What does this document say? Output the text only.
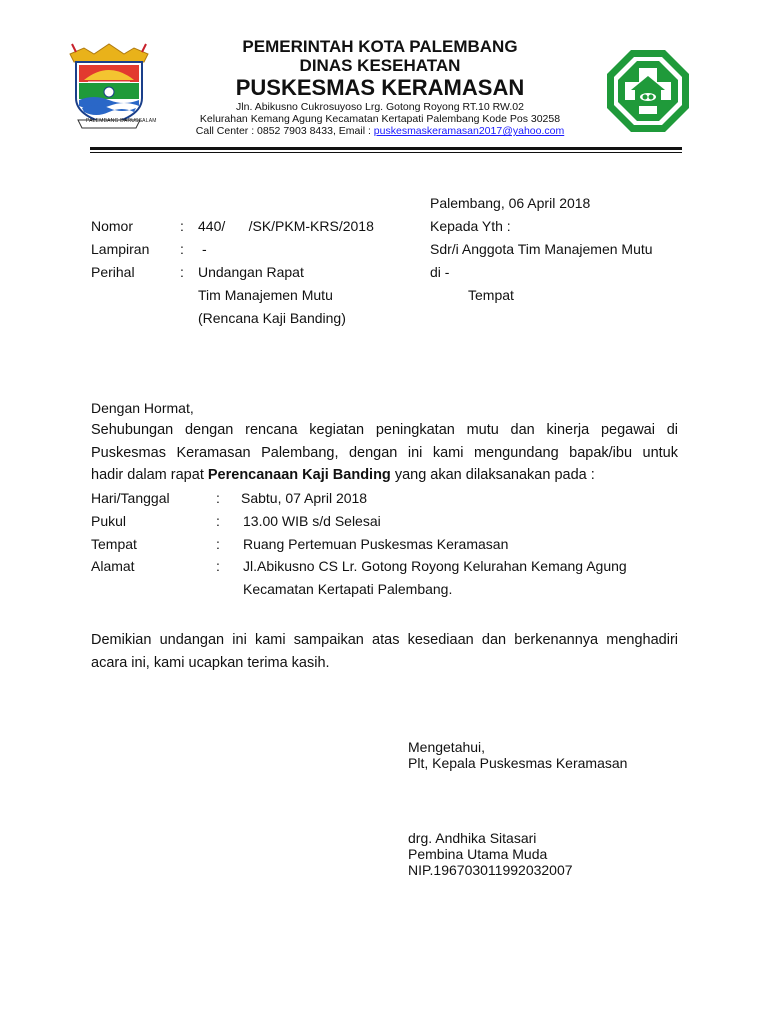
PALEMBANG DARUSSALAM
PEMERINTAH KOTA PALEMBANG
DINAS KESEHATAN
PUSKESMAS KERAMASAN
Jln. Abikusno Cukrosuyoso Lrg. Gotong Royong RT.10 RW.02
Kelurahan Kemang Agung Kecamatan Kertapati Palembang Kode Pos 30258
Call Center : 0852 7903 8433, Email : puskesmaskeramasan2017@yahoo.com
Palembang, 06 April 2018
Nomor	: 440/      /SK/PKM-KRS/2018
Lampiran : -
Perihal	: Undangan Rapat
Tim Manajemen Mutu
(Rencana Kaji Banding)
Kepada Yth :
Sdr/i Anggota Tim Manajemen Mutu
di -
Tempat
Dengan Hormat,
Sehubungan dengan rencana kegiatan peningkatan mutu dan kinerja pegawai di
Puskesmas Keramasan Palembang, dengan ini kami mengundang bapak/ibu untuk
hadir dalam rapat Perencanaan Kaji Banding yang akan dilaksanakan pada :
Hari/Tanggal	: Sabtu, 07 April 2018
Pukul	: 13.00 WIB s/d Selesai
Tempat	: Ruang Pertemuan Puskesmas Keramasan
Alamat	: Jl.Abikusno CS Lr. Gotong Royong Kelurahan Kemang Agung
Kecamatan Kertapati Palembang.
Demikian undangan ini kami sampaikan atas kesediaan dan berkenannya menghadiri
acara ini, kami ucapkan terima kasih.
Mengetahui,
Plt, Kepala Puskesmas Keramasan
drg. Andhika Sitasari
Pembina Utama Muda
NIP.196703011992032007
